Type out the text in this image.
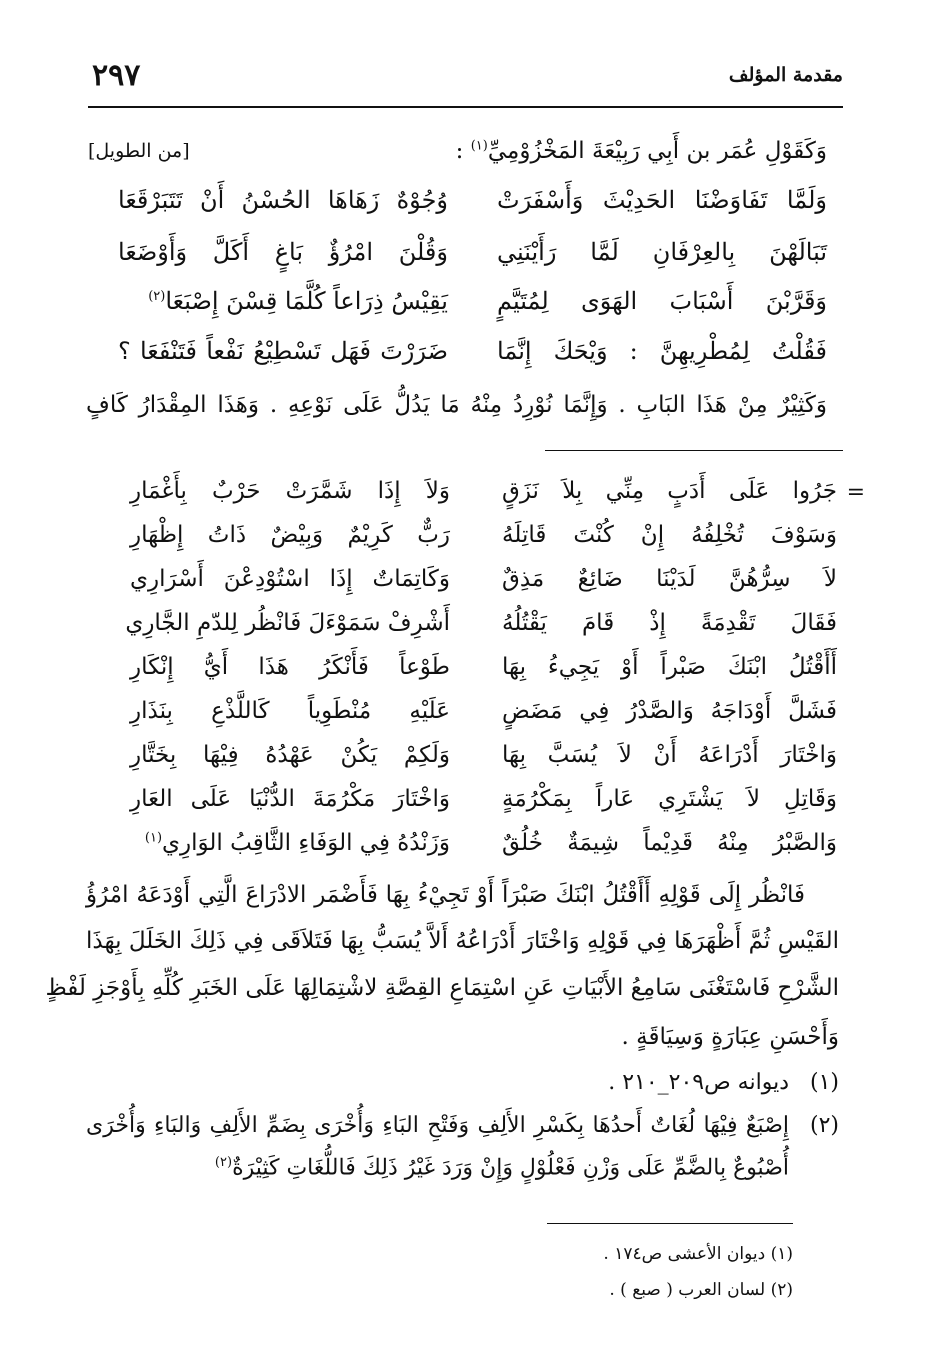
٢٩٧	مقدمة المؤلف
وَكَقَوْلِ عُمَر بن أَبِي رَبِيْعَةَ المَخْزُوْمِيِّ$^{(١)}$ :
[من الطويل]
وَلَمَّا تَفَاوَضْنَا الحَدِيْثَ وَأَسْفَرَتْ
وُجُوْهٌ زَهَاهَا الحُسْنُ أَنْ تَتَبَرْقَعَا
تَبَالَهْنَ بِالعِرْفَانِ لَمَّا رَأَيْنَنِي
وَقُلْنَ امْرُؤٌ بَاغٍ أَكَلَّ وَأَوْضَعَا
وَقَرَّبْنَ أَسْبَابَ الهَوَى لِمُتَيَّمٍ
يَقِيْسُ ذِرَاعاً كُلَّمَا قِسْنَ إِصْبَعَا$^{(٢)}$
فَقُلْتُ لِمُطْرِيهِنَّ : وَيْحَكَ إِنَّمَا
ضَرَرْتَ فَهَل تَسْطِيْعُ نَفْعاً فَتَنْفَعَا ؟
وَكَثِيْرٌ مِنْ هَذَا البَابِ . وَإِنَّمَا نُوْرِدُ مِنْهُ مَا يَدُلُّ عَلَى نَوْعِهِ . وَهَذَا المِقْدَارُ كَافٍ
=
جَرُوا عَلَى أَدَبٍ مِنِّي بِلاَ نَزَقٍ
وَلاَ إِذَا شَمَّرَتْ حَرْبٌ بِأَغْمَارِ
وَسَوْفَ تُخْلِفُهُ إِنْ كُنْتَ قَاتِلَهُ
رَبٌّ كَرِيْمٌ وَبِيْضٌ ذَاتُ إِظْهَارِ
لاَ سِرُّهُنَّ لَدَيْنَا ضَائِعٌ مَذِقٌ
وَكَاتِمَاتٌ إِذَا اسْتُوْدِعْنَ أَسْرَارِي
فَقَالَ تَقْدِمَةً إِذْ قَامَ يَقْتُلُهُ
أَشْرِفْ سَمَوْءَلَ فَانْظُر لِلدّمِ الجَّارِي
أَأَقْتُلُ ابْنَكَ صَبْراً أَوْ يَجِيءُ بِهَا
طَوْعاً فَأَنْكَرُ هَذَا أَيُّ إِنْكَارِ
فَشَلَّ أَوْدَاجَهُ وَالصَّدْرُ فِي مَضَضٍ
عَلَيْهِ مُنْطَوِياً كَاللَّذْعِ بِنَذَارِ
وَاخْتَارَ أَدْرَاعَهُ أَنْ لاَ يُسَبَّ بِهَا
وَلَكِمْ يَكُنْ عَهْدُهُ فِيْهَا بِخَتَّارِ
وَقَاتِلِ لاَ يَشْتَرِي عَاراً بِمَكْرُمَةٍ
وَاخْتَارَ مَكْرُمَةَ الدُّنْيَا عَلَى العَارِ
وَالصَّبْرُ مِنْهُ قَدِيْماً شِيمَةٌ خُلُقٌ
وَزَنْدُهُ فِي الوَفَاءِ الثَّاقِبُ الوَارِي$^{(١)}$
فَانْظُر إِلَى قَوْلِهِ أَأَقْتُلُ ابْنَكَ صَبْرَاً أَوْ تَجِيْءُ بِهَا فَأَضْمَر الادْرَاعَ الَّتِي أَوْدَعَهُ امْرُؤُ
القَيْسِ ثُمَّ أَظْهَرَهَا فِي قَوْلِهِ وَاخْتَارَ أَدْرَاعُهُ أَلاَّ يُسَبُّ بِهَا فَتَلاَقَى فِي ذَلِكَ الخَلَلَ بِهَذَا
الشَّرْحِ فَاسْتَغْنَى سَامِعُ الأَبْيَاتِ عَنِ اسْتِمَاعِ القِصَّةِ لاشْتِمَالِهَا عَلَى الخَبَرِ كُلِّهِ بِأَوْجَزِ لَفْظٍ
وَأَحْسَنِ عِبَارَةٍ وَسِيَاقَةٍ .
(١)ديوانه ص٢٠٩_٢١٠ .
(٢)إِصْبَعٌ فِيْهَا لُغَاتٌ أَحدُهَا بِكَسْرِ الأَلِفِ وَفَتْحِ البَاءِ وَأُخْرَى بِضَمِّ الأَلِفِ وَالبَاءِ وَأُخْرَى
أُصْبُوعٌ بِالضَّمِّ عَلَى وَزْنِ فَعْلُوْلٍ وَإِنْ وَرَدَ غَيْرُ ذَلِكَ فَاللُّغَاتِ كَثِيْرَةٌ$^{(٢)}$
(١) ديوان الأعشى ص١٧٤ .
(٢) لسان العرب ( صبع ) .
